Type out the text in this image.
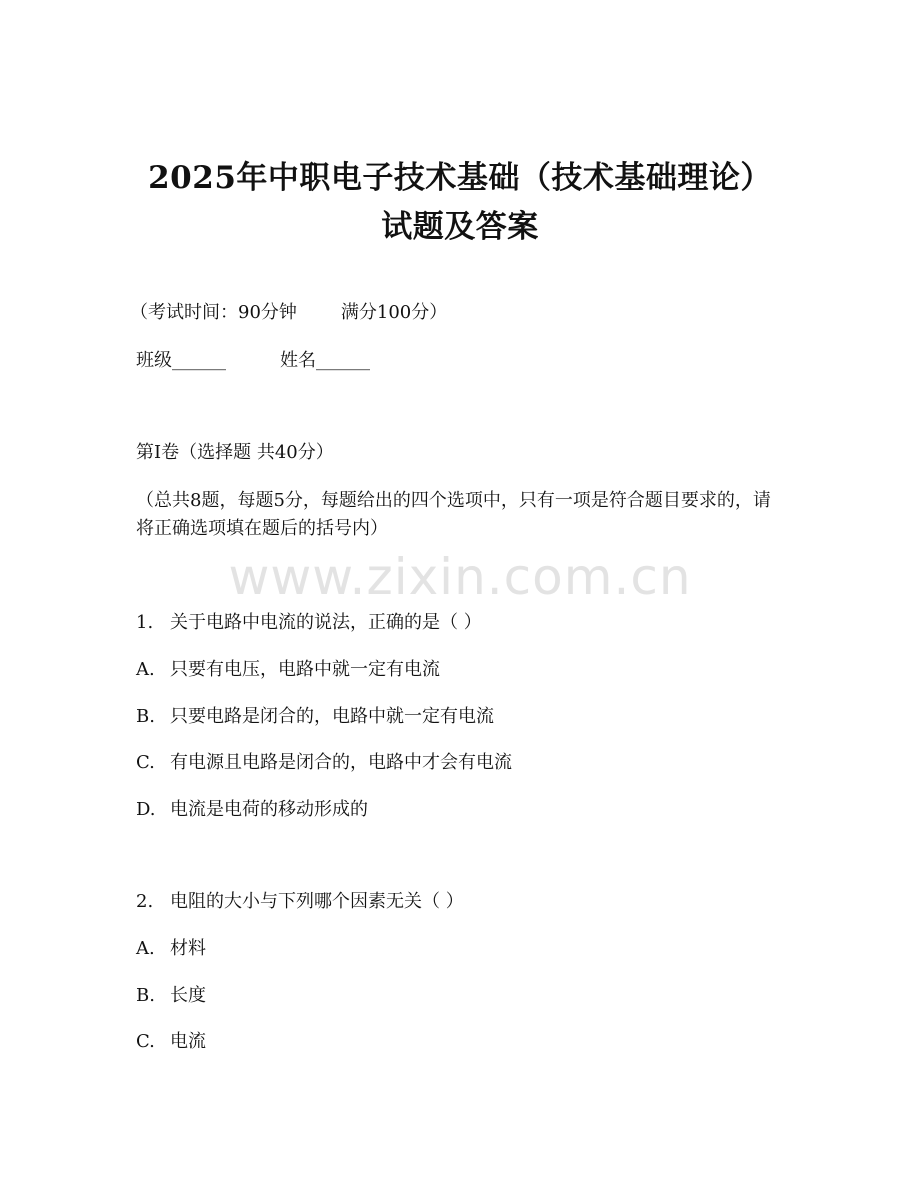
2025年中职电子技术基础（技术基础理论）
试题及答案
（考试时间：90分钟 满分100分）
班级______	姓名______
第I卷（选择题 共40分）
（总共8题，每题5分，每题给出的四个选项中，只有一项是符合题目要求的，请将正确选项填在题后的括号内）
www.zixin.com.cn
1. 关于电路中电流的说法，正确的是（ ）
A. 只要有电压，电路中就一定有电流
B. 只要电路是闭合的，电路中就一定有电流
C. 有电源且电路是闭合的，电路中才会有电流
D. 电流是电荷的移动形成的
2. 电阻的大小与下列哪个因素无关（ ）
A. 材料
B. 长度
C. 电流
